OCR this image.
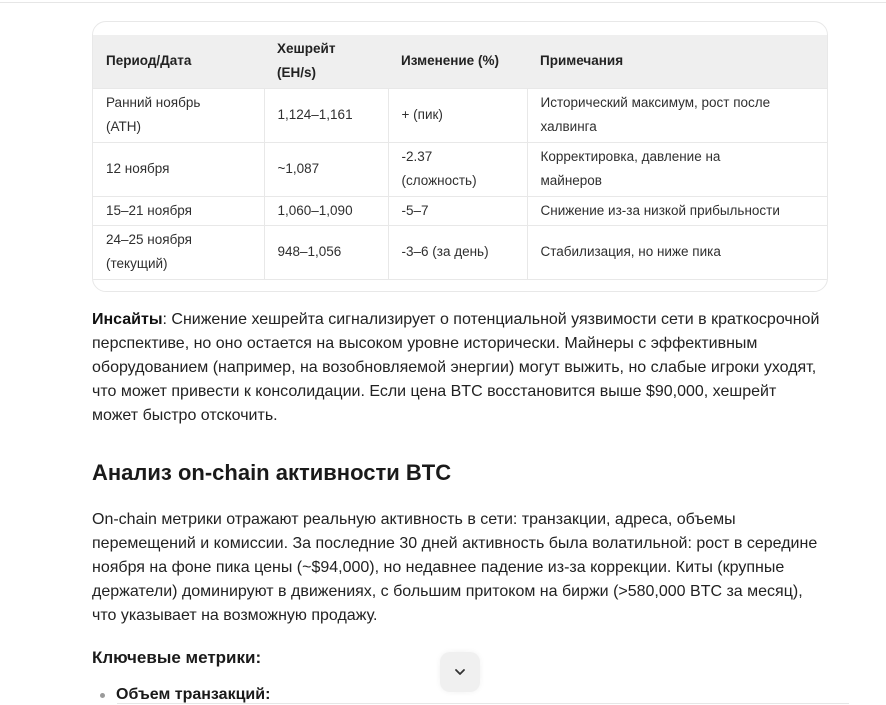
Период/Дата	Хешрейт (EH/s)	Изменение (%)	Примечания

Ранний ноябрь (ATH)	1,124–1,161	+ (пик)	Исторический максимум, рост после халвинга

12 ноября	~1,087	-2.37 (сложность)	Корректировка, давление на майнеров

15–21 ноября	1,060–1,090	-5–7	Снижение из-за низкой прибыльности

24–25 ноября (текущий)	948–1,056	-3–6 (за день)	Стабилизация, но ниже пика

Инсайты: Снижение хешрейта сигнализирует о потенциальной уязвимости сети в краткосрочной перспективе, но оно остается на высоком уровне исторически. Майнеры с эффективным оборудованием (например, на возобновляемой энергии) могут выжить, но слабые игроки уходят, что может привести к консолидации. Если цена BTC восстановится выше $90,000, хешрейт может быстро отскочить.

Анализ on-chain активности BTC

On-chain метрики отражают реальную активность в сети: транзакции, адреса, объемы перемещений и комиссии. За последние 30 дней активность была волатильной: рост в середине ноября на фоне пика цены (~$94,000), но недавнее падение из-за коррекции. Киты (крупные держатели) доминируют в движениях, с большим притоком на биржи (>580,000 BTC за месяц), что указывает на возможную продажу.

Ключевые метрики:
Объем транзакций:
